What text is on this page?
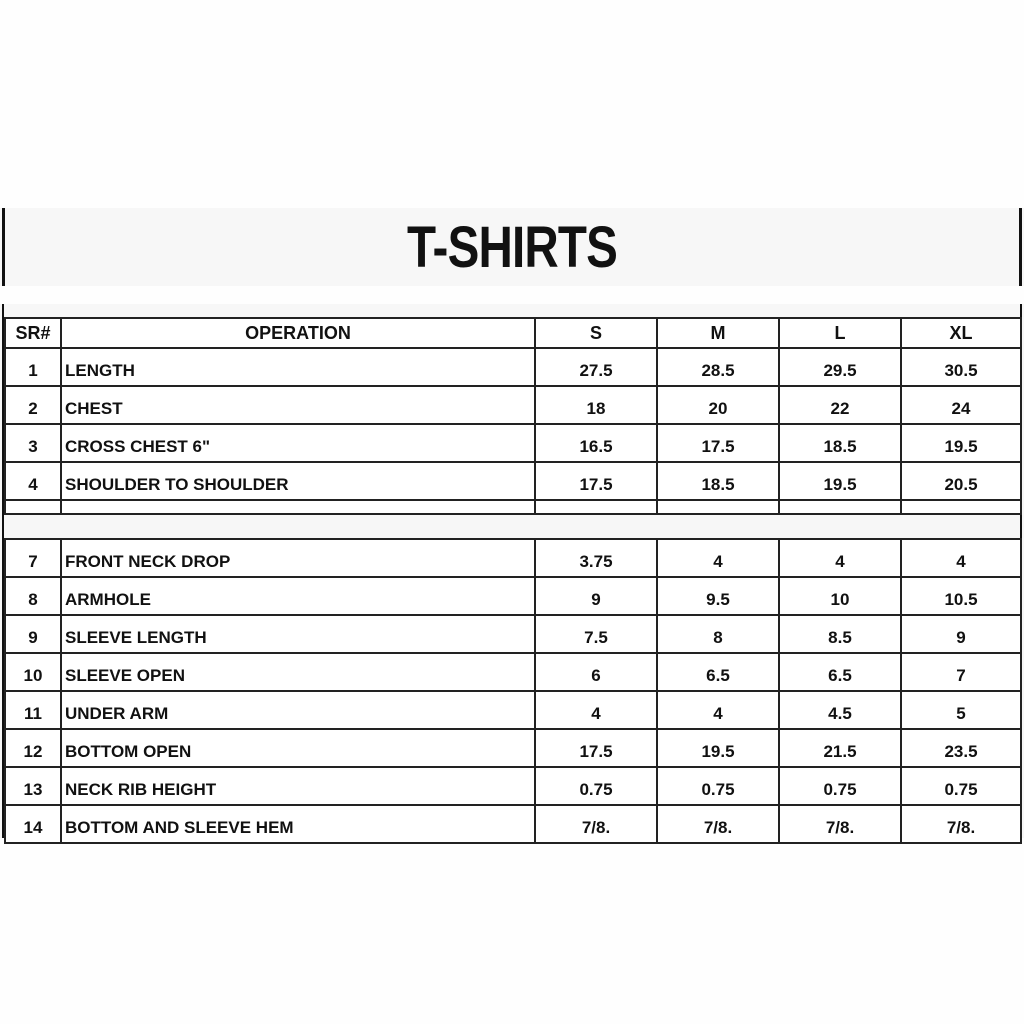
T-SHIRTS
SR#	OPERATION	S	M	L	XL
1	LENGTH	27.5	28.5	29.5	30.5
2	CHEST	18	20	22	24
3	CROSS CHEST 6"	16.5	17.5	18.5	19.5
4	SHOULDER TO SHOULDER	17.5	18.5	19.5	20.5

7	FRONT NECK DROP	3.75	4	4	4
8	ARMHOLE	9	9.5	10	10.5
9	SLEEVE LENGTH	7.5	8	8.5	9
10	SLEEVE OPEN	6	6.5	6.5	7
11	UNDER ARM	4	4	4.5	5
12	BOTTOM OPEN	17.5	19.5	21.5	23.5
13	NECK RIB HEIGHT	0.75	0.75	0.75	0.75
14	BOTTOM AND SLEEVE HEM	7/8.	7/8.	7/8.	7/8.
